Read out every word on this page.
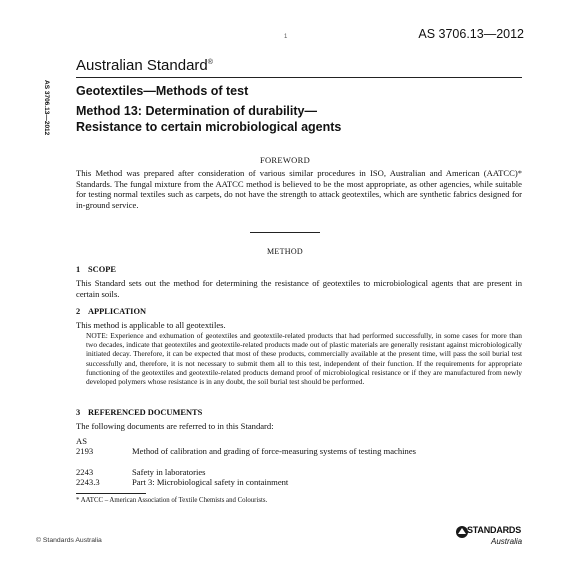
1	AS 3706.13—2012
Australian Standard®
AS 3706.13—2012 Geotextiles—Methods of test
Method 13: Determination of durability—
Resistance to certain microbiological agents
FOREWORD
This Method was prepared after consideration of various similar procedures in ISO, Australian and American (AATCC)* Standards. The fungal mixture from the AATCC method is believed to be the most appropriate, as other agencies, while suitable for testing normal textiles such as carpets, do not have the strength to attack geotextiles, which are synthetic fabrics designed for in-ground service.
METHOD
1 SCOPE
This Standard sets out the method for determining the resistance of geotextiles to microbiological agents that are present in certain soils.
2 APPLICATION
This method is applicable to all geotextiles.
NOTE: Experience and exhumation of geotextiles and geotextile-related products that had performed successfully, in some cases for more than two decades, indicate that geotextiles and geotextile-related products made out of plastic materials are generally resistant against microbiologically initiated decay. Therefore, it can be expected that most of these products, commercially available at the present time, will pass the soil burial test successfully and, therefore, it is not necessary to submit them all to this test, independent of their function. If the requirements for appropriate functioning of the geotextiles and geotextile-related products demand proof of microbiological resistance or if they are manufactured from newly developed polymers whose resistance is in any doubt, the soil burial test should be performed.
3 REFERENCED DOCUMENTS
The following documents are referred to in this Standard:
AS
2193	Method of calibration and grading of force-measuring systems of testing machines
2243	Safety in laboratories
2243.3	Part 3: Microbiological safety in containment
* AATCC – American Association of Textile Chemists and Colourists.
© Standards Australia
STANDARDS
Australia
